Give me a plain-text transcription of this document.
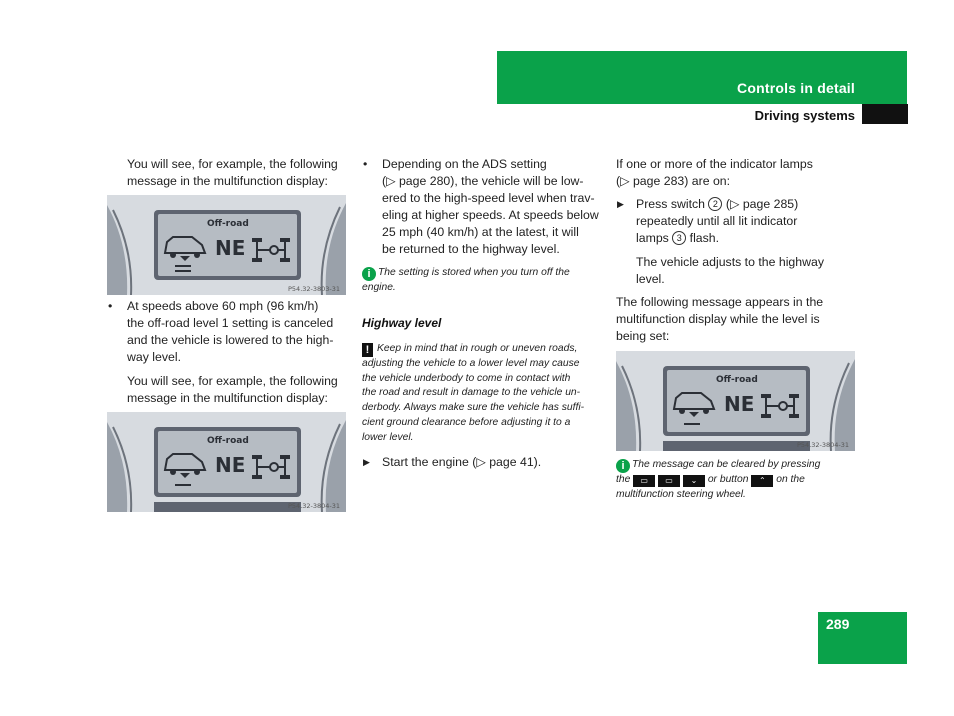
Controls in detail
Driving systems
You will see, for example, the following
message in the multifunction display:
Off-road
NE
P54.32-3803-31
• At speeds above 60 mph (96 km/h)
the off-road level 1 setting is canceled
and the vehicle is lowered to the high-
way level.
You will see, for example, the following
message in the multifunction display:
Off-road
NE
P54.32-3804-31
• Depending on the ADS setting
(▷ page 280), the vehicle will be low-
ered to the high-speed level when trav-
eling at higher speeds. At speeds below
25 mph (40 km/h) at the latest, it will
be returned to the highway level.
i The setting is stored when you turn off the
engine.
Highway level
! Keep in mind that in rough or uneven roads,
adjusting the vehicle to a lower level may cause
the vehicle underbody to come in contact with
the road and result in damage to the vehicle un-
derbody. Always make sure the vehicle has suffi-
cient ground clearance before adjusting it to a
lower level.
▶ Start the engine (▷ page 41).
If one or more of the indicator lamps
(▷ page 283) are on:
▶ Press switch 2 (▷ page 285)
repeatedly until all lit indicator
lamps 3 flash.
The vehicle adjusts to the highway
level.
The following message appears in the
multifunction display while the level is
being set:
Off-road
NE
P54.32-3804-31
i The message can be cleared by pressing
the ▭ ▭ ⌄ or button ⌃ on the
multifunction steering wheel.
289
